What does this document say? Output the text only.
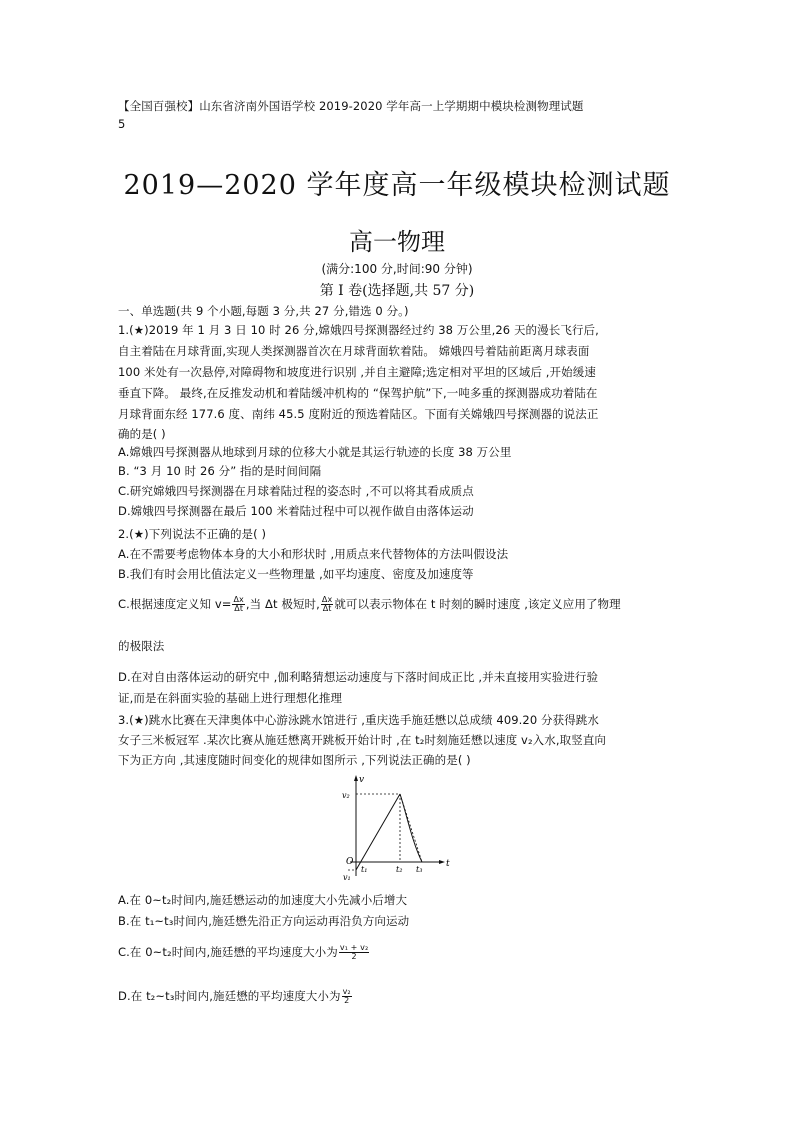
【全国百强校】山东省济南外国语学校 2019-2020 学年高一上学期期中模块检测物理试题
5
2019—2020 学年度高一年级模块检测试题
高一物理
(满分:100 分,时间:90 分钟)
第 I 卷(选择题,共 57 分)
一、单选题(共 9 个小题,每题 3 分,共 27 分,错选 0 分。)
1.(★)2019 年 1 月 3 日 10 时 26 分,嫦娥四号探测器经过约 38 万公里,26 天的漫长飞行后,
自主着陆在月球背面,实现人类探测器首次在月球背面软着陆。 嫦娥四号着陆前距离月球表面
100 米处有一次悬停,对障碍物和坡度进行识别 ,并自主避障;选定相对平坦的区域后 ,开始缓速
垂直下降。 最终,在反推发动机和着陆缓冲机构的 “保驾护航”下,一吨多重的探测器成功着陆在
月球背面东经 177.6 度、南纬 45.5 度附近的预选着陆区。下面有关嫦娥四号探测器的说法正
确的是( )
A.嫦娥四号探测器从地球到月球的位移大小就是其运行轨迹的长度 38 万公里
B. “3 月 10 时 26 分” 指的是时间间隔
C.研究嫦娥四号探测器在月球着陆过程的姿态时 ,不可以将其看成质点
D.嫦娥四号探测器在最后 100 米着陆过程中可以视作做自由落体运动
2.(★)下列说法不正确的是( )
A.在不需要考虑物体本身的大小和形状时 ,用质点来代替物体的方法叫假设法
B.我们有时会用比值法定义一些物理量 ,如平均速度、密度及加速度等
C.根据速度定义知 $v= \frac{\Delta x}{\Delta t}$ ,当 Δt 极短时, $\frac{\Delta x}{\Delta t}$ 就可以表示物体在 t 时刻的瞬时速度 ,该定义应用了物理
的极限法
D.在对自由落体运动的研究中 ,伽利略猜想运动速度与下落时间成正比 ,并未直接用实验进行验
证,而是在斜面实验的基础上进行理想化推理
3.(★)跳水比赛在天津奥体中心游泳跳水馆进行 ,重庆选手施廷懋以总成绩 409.20 分获得跳水
女子三米板冠军 .某次比赛从施廷懋离开跳板开始计时 ,在 t₂时刻施廷懋以速度 v₂入水,取竖直向
下为正方向 ,其速度随时间变化的规律如图所示 ,下列说法正确的是( )
v
t
O
v₂
v₁
t₁	t₂ t₃
A.在 0~t₂时间内,施廷懋运动的加速度大小先减小后增大
B.在 t₁~t₃时间内,施廷懋先沿正方向运动再沿负方向运动
C.在 0~t₂时间内,施廷懋的平均速度大小为 $\frac{\text{v₁ + v₂}}{2}$
D.在 t₂~t₃时间内,施廷懋的平均速度大小为 $\frac{\text{v₂}}{2}$
